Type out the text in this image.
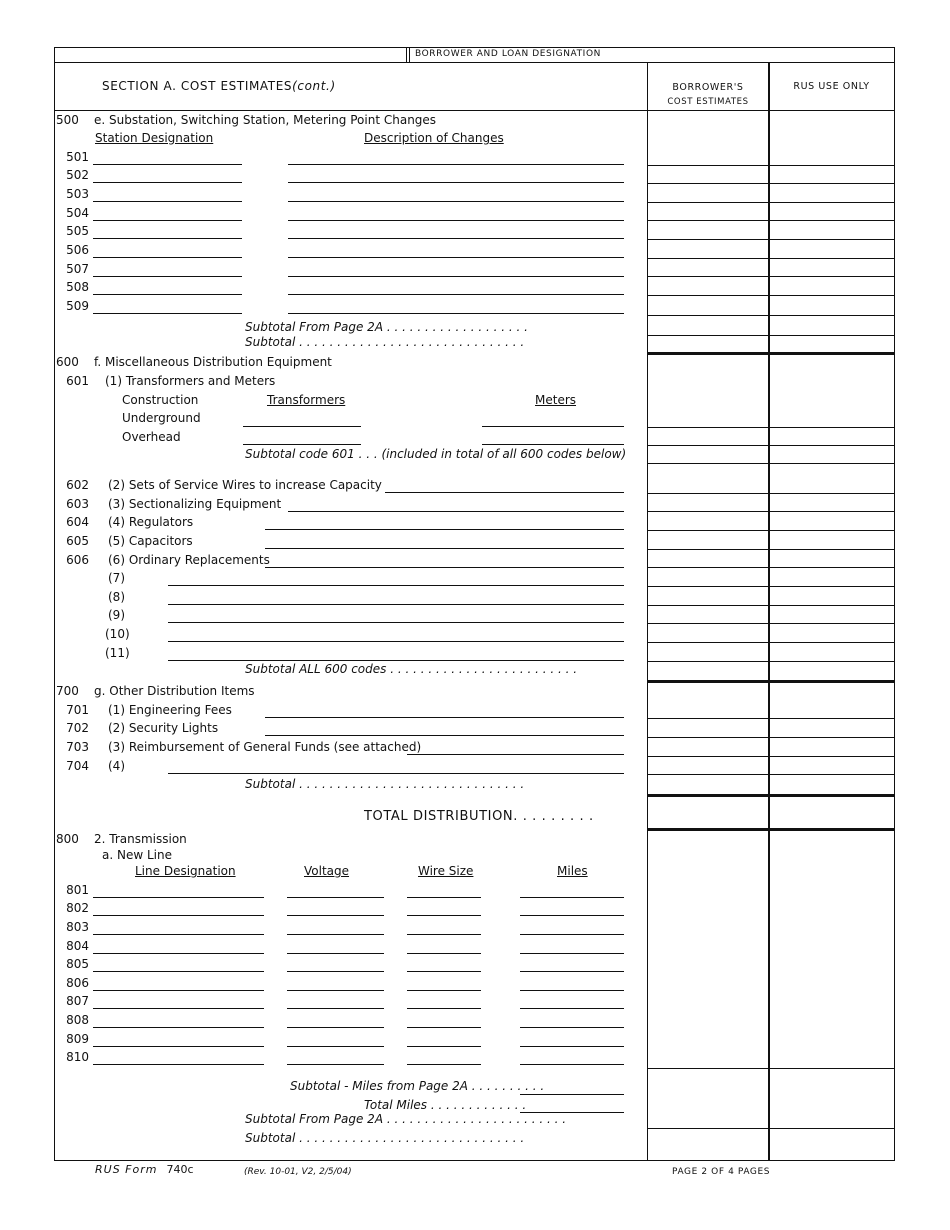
BORROWER AND LOAN DESIGNATION
SECTION A. COST ESTIMATES(cont.)	BORROWER'S
COST ESTIMATES
RUS USE ONLY
500 e. Substation, Switching Station, Metering Point Changes
Station Designation	Description of Changes
501
502
503
504
505
506
507
508
509
Subtotal From Page 2A . . . . . . . . . . . . . . . . . . .
Subtotal . . . . . . . . . . . . . . . . . . . . . . . . . . . . . .
600 f. Miscellaneous Distribution Equipment
601 (1) Transformers and Meters
Construction	Transformers	Meters
Underground
Overhead
Subtotal code 601 . . . (included in total of all 600 codes below)
602 (2) Sets of Service Wires to increase Capacity
603 (3) Sectionalizing Equipment
604 (4) Regulators
605 (5) Capacitors
606 (6) Ordinary Replacements
(7)
(8)
(9)
(10)
(11)
Subtotal ALL 600 codes . . . . . . . . . . . . . . . . . . . . . . . . .
700 g. Other Distribution Items
701 (1) Engineering Fees
702 (2) Security Lights
703 (3) Reimbursement of General Funds (see attached)
704 (4)
Subtotal . . . . . . . . . . . . . . . . . . . . . . . . . . . . . .
TOTAL DISTRIBUTION. . . . . . . . .
800 2. Transmission
a. New Line
Line Designation	Voltage	Wire Size	Miles
801
802
803
804
805
806
807
808
809
810
Subtotal - Miles from Page 2A . . . . . . . . . .
Total Miles . . . . . . . . . . . . .
Subtotal From Page 2A . . . . . . . . . . . . . . . . . . . . . . . .
Subtotal . . . . . . . . . . . . . . . . . . . . . . . . . . . . . .
RUS Form 740c	(Rev. 10-01, V2, 2/5/04)	PAGE 2 OF 4 PAGES
